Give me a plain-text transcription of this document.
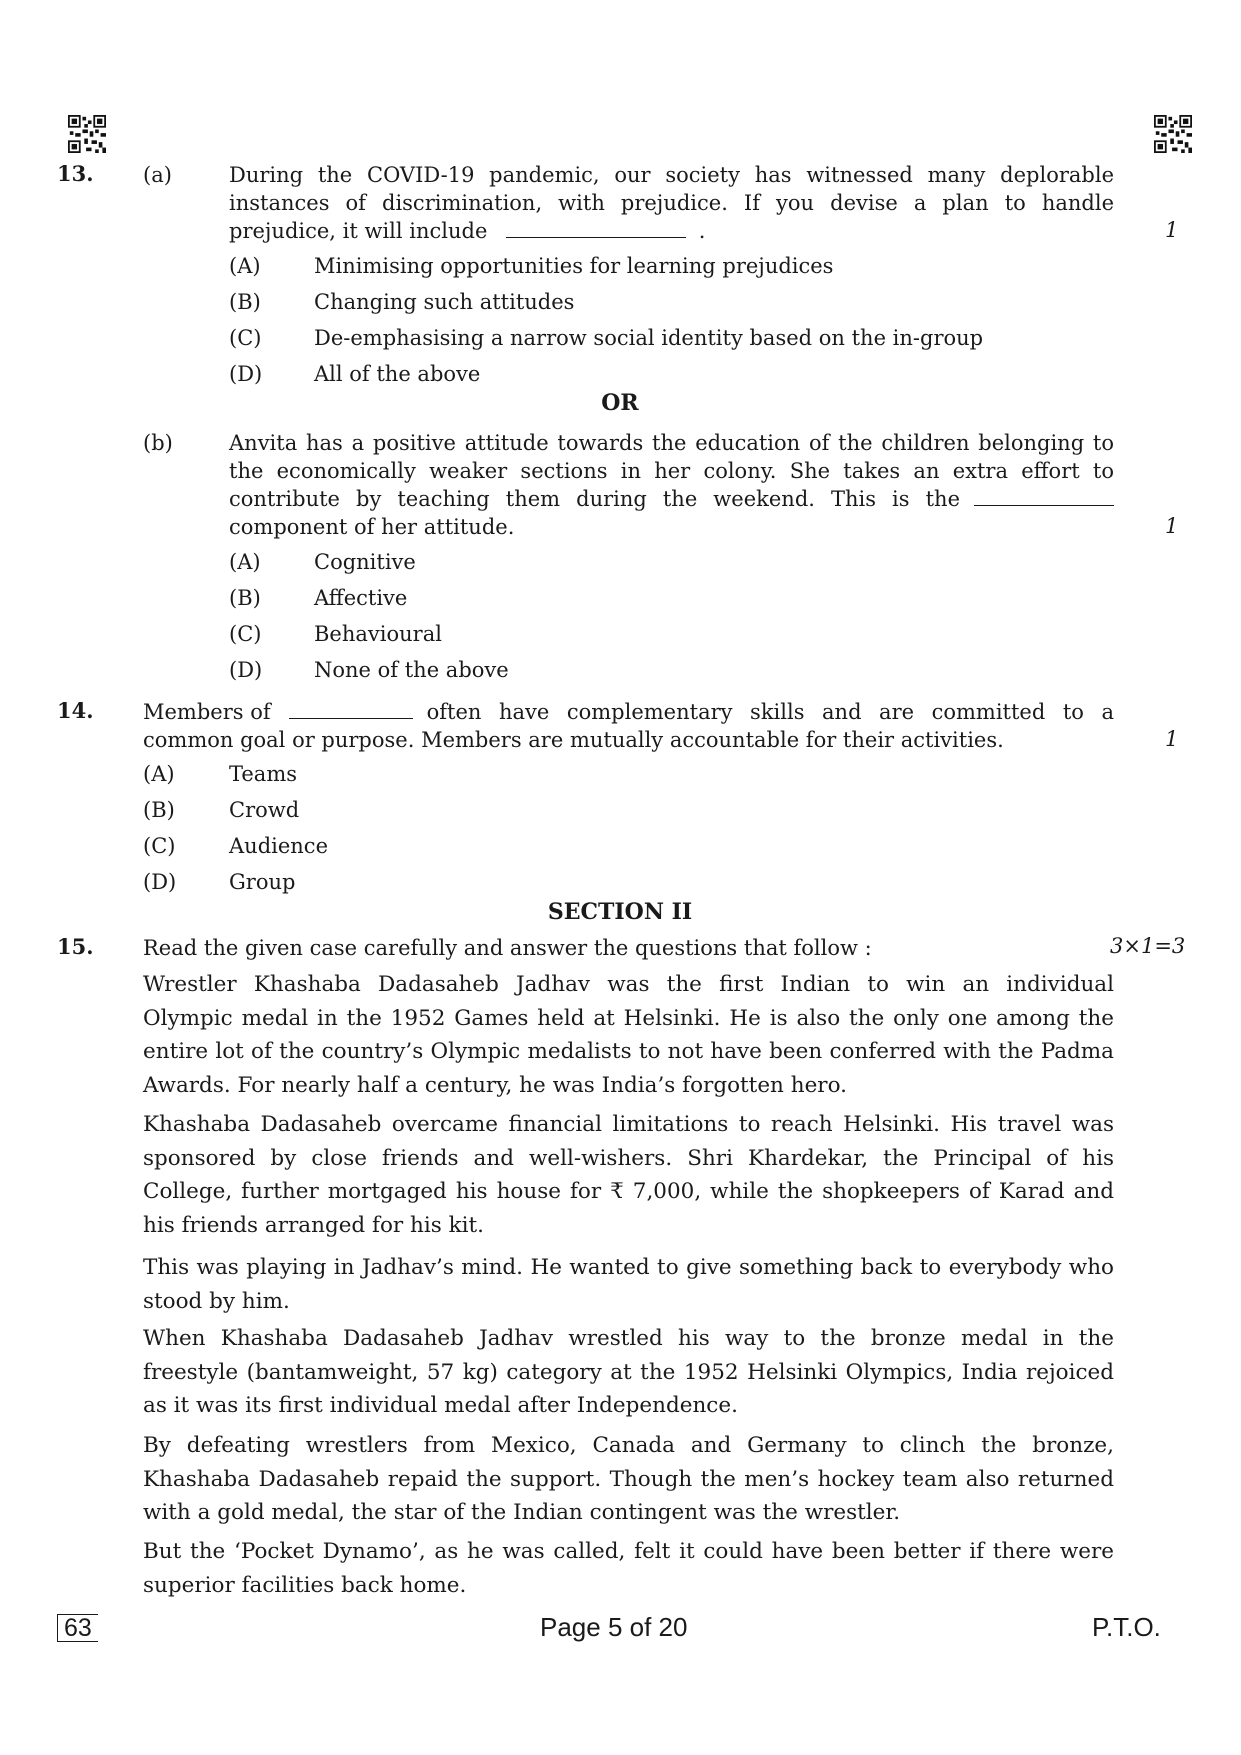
13. (a)	During the COVID-19 pandemic, our society has witnessed many deplorable
instances of discrimination, with prejudice. If you devise a plan to handle
prejudice, it will include	.	1
(A)	Minimising opportunities for learning prejudices
(B)	Changing such attitudes
(C)	De-emphasising a narrow social identity based on the in-group
(D) All of the above
OR
(b)	Anvita has a positive attitude towards the education of the children belonging to
the economically weaker sections in her colony. She takes an extra effort to
contribute by teaching them during the weekend. This is the
component of her attitude.	1
(A)	Cognitive
(B)	Affective
(C)	Behavioural
(D) None of the above
14. Members of	often have complementary skills and are committed to a
common goal or purpose. Members are mutually accountable for their activities.	1
(A)	Teams
(B)	Crowd
(C)	Audience
(D)	Group
SECTION II
15. Read the given case carefully and answer the questions that follow :	3×1=3
Wrestler Khashaba Dadasaheb Jadhav was the first Indian to win an individual
Olympic medal in the 1952 Games held at Helsinki. He is also the only one among the
entire lot of the country’s Olympic medalists to not have been conferred with the Padma
Awards. For nearly half a century, he was India’s forgotten hero.
Khashaba Dadasaheb overcame financial limitations to reach Helsinki. His travel was
sponsored by close friends and well-wishers. Shri Khardekar, the Principal of his
College, further mortgaged his house for ₹ 7,000, while the shopkeepers of Karad and
his friends arranged for his kit.
This was playing in Jadhav’s mind. He wanted to give something back to everybody who
stood by him.
When Khashaba Dadasaheb Jadhav wrestled his way to the bronze medal in the
freestyle (bantamweight, 57 kg) category at the 1952 Helsinki Olympics, India rejoiced
as it was its first individual medal after Independence.
By defeating wrestlers from Mexico, Canada and Germany to clinch the bronze,
Khashaba Dadasaheb repaid the support. Though the men’s hockey team also returned
with a gold medal, the star of the Indian contingent was the wrestler.
But the ‘Pocket Dynamo’, as he was called, felt it could have been better if there were
superior facilities back home.
63	Page 5 of 20	P.T.O.
